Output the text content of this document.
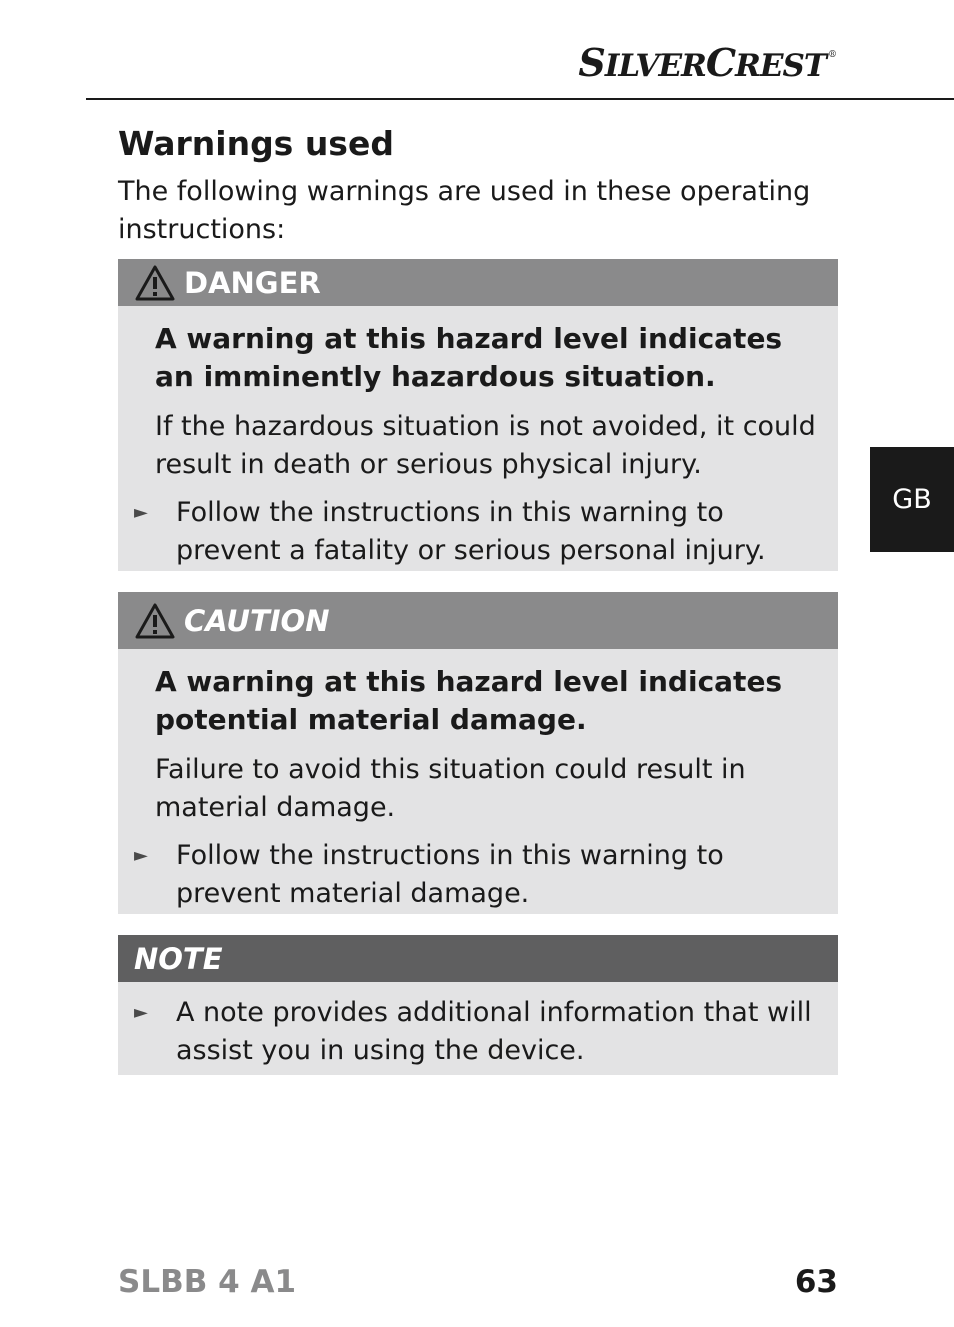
SILVERCREST ®
Warnings used

The following warnings are used in these operating instructions:

DANGER
A warning at this hazard level indicates an imminently hazardous situation.
If the hazardous situation is not avoided, it could result in death or serious physical injury.
► Follow the instructions in this warning to prevent a fatality or serious personal injury.
CAUTION
A warning at this hazard level indicates potential material damage.
Failure to avoid this situation could result in material damage.
► Follow the instructions in this warning to prevent material damage.
NOTE
► A note provides additional information that will assist you in using the device.
GB
SLBB 4 A1	63
